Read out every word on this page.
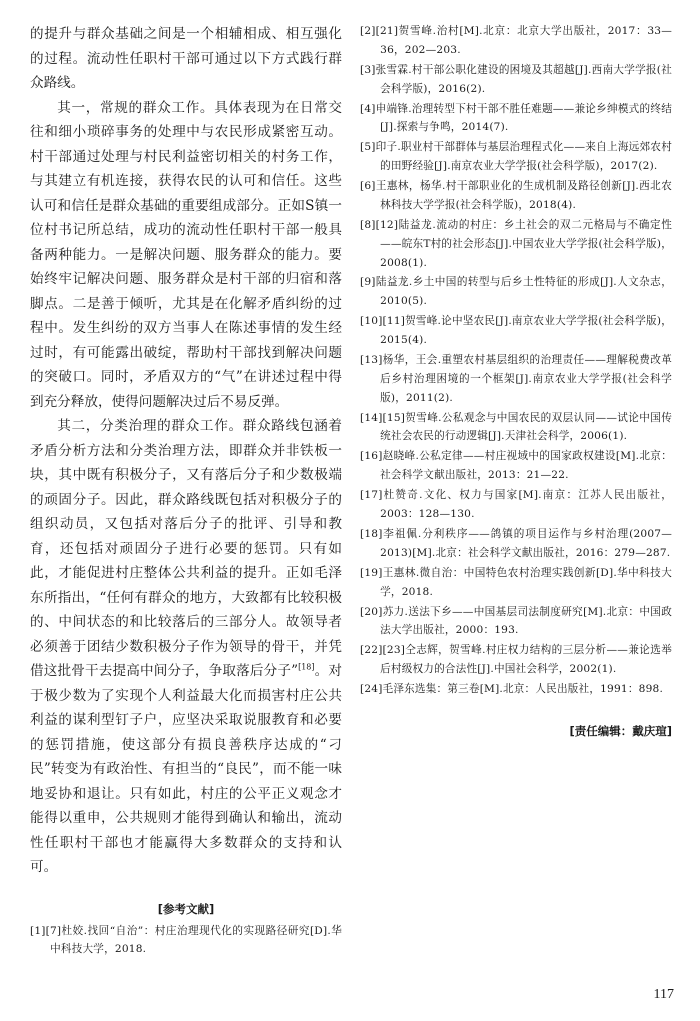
的提升与群众基础之间是一个相辅相成、相互强化的过程。流动性任职村干部可通过以下方式践行群众路线。

其一，常规的群众工作。具体表现为在日常交往和细小琐碎事务的处理中与农民形成紧密互动。村干部通过处理与村民利益密切相关的村务工作，与其建立有机连接，获得农民的认可和信任。这些认可和信任是群众基础的重要组成部分。正如S镇一位村书记所总结，成功的流动性任职村干部一般具备两种能力。一是解决问题、服务群众的能力。要始终牢记解决问题、服务群众是村干部的归宿和落脚点。二是善于倾听，尤其是在化解矛盾纠纷的过程中。发生纠纷的双方当事人在陈述事情的发生经过时，有可能露出破绽，帮助村干部找到解决问题的突破口。同时，矛盾双方的“气”在讲述过程中得到充分释放，使得问题解决过后不易反弹。

其二，分类治理的群众工作。群众路线包涵着矛盾分析方法和分类治理方法，即群众并非铁板一块，其中既有积极分子，又有落后分子和少数极端的顽固分子。因此，群众路线既包括对积极分子的组织动员，又包括对落后分子的批评、引导和教育，还包括对顽固分子进行必要的惩罚。只有如此，才能促进村庄整体公共利益的提升。正如毛泽东所指出，“任何有群众的地方，大致都有比较积极的、中间状态的和比较落后的三部分人。故领导者必须善于团结少数积极分子作为领导的骨干，并凭借这批骨干去提高中间分子，争取落后分子”[18]。对于极少数为了实现个人利益最大化而损害村庄公共利益的谋利型钉子户，应坚决采取说服教育和必要的惩罚措施，使这部分有损良善秩序达成的“刁民”转变为有政治性、有担当的“良民”，而不能一味地妥协和退让。只有如此，村庄的公平正义观念才能得以重申，公共规则才能得到确认和输出，流动性任职村干部也才能赢得大多数群众的支持和认可。

[参考文献]
[1][7]杜姣.找回“自治”：村庄治理现代化的实现路径研究[D].华中科技大学，2018.
[2][21]贺雪峰.治村[M].北京：北京大学出版社，2017：33—36，202—203.
[3]张雪霖.村干部公职化建设的困境及其超越[J].西南大学学报(社会科学版)，2016(2).
[4]申端锋.治理转型下村干部不胜任难题——兼论乡绅模式的终结[J].探索与争鸣，2014(7).
[5]印子.职业村干部群体与基层治理程式化——来自上海远郊农村的田野经验[J].南京农业大学学报(社会科学版)，2017(2).
[6]王惠林，杨华.村干部职业化的生成机制及路径创新[J].西北农林科技大学学报(社会科学版)，2018(4).
[8][12]陆益龙.流动的村庄：乡土社会的双二元格局与不确定性——皖东T村的社会形态[J].中国农业大学学报(社会科学版)，2008(1).
[9]陆益龙.乡土中国的转型与后乡土性特征的形成[J].人文杂志，2010(5).
[10][11]贺雪峰.论中坚农民[J].南京农业大学学报(社会科学版)，2015(4).
[13]杨华，王会.重塑农村基层组织的治理责任——理解税费改革后乡村治理困境的一个框架[J].南京农业大学学报(社会科学版)，2011(2).
[14][15]贺雪峰.公私观念与中国农民的双层认同——试论中国传统社会农民的行动逻辑[J].天津社会科学，2006(1).
[16]赵晓峰.公私定律——村庄视域中的国家政权建设[M].北京：社会科学文献出版社，2013：21—22.
[17]杜赞奇.文化、权力与国家[M].南京：江苏人民出版社，2003：128—130.
[18]李祖佩.分利秩序——鸽镇的项目运作与乡村治理(2007—2013)[M].北京：社会科学文献出版社，2016：279—287.
[19]王惠林.微自治：中国特色农村治理实践创新[D].华中科技大学，2018.
[20]苏力.送法下乡——中国基层司法制度研究[M].北京：中国政法大学出版社，2000：193.
[22][23]仝志辉，贺雪峰.村庄权力结构的三层分析——兼论选举后村级权力的合法性[J].中国社会科学，2002(1).
[24]毛泽东选集：第三卷[M].北京：人民出版社，1991：898.
[责任编辑：戴庆瑄]
117
